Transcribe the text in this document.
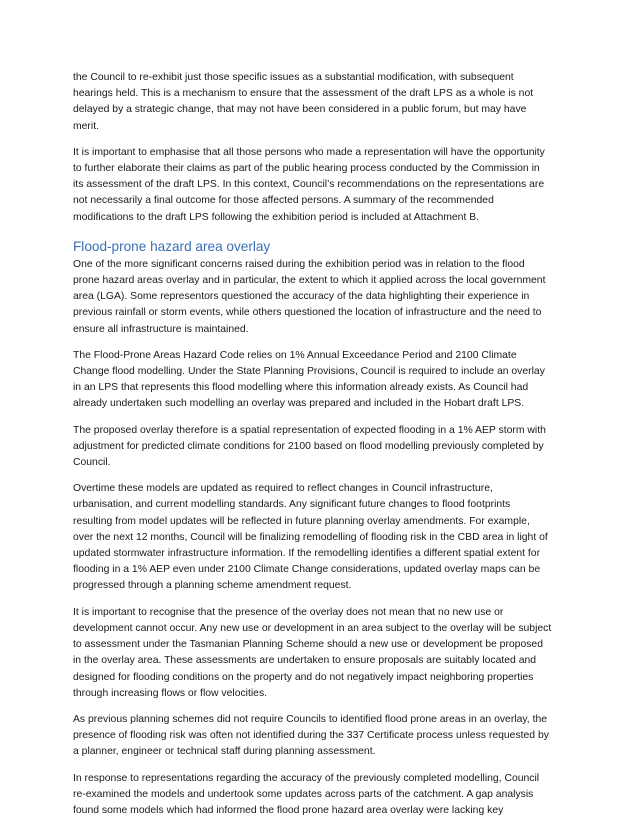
the Council to re-exhibit just those specific issues as a substantial modification, with subsequent hearings held. This is a mechanism to ensure that the assessment of the draft LPS as a whole is not delayed by a strategic change, that may not have been considered in a public forum, but may have merit.

It is important to emphasise that all those persons who made a representation will have the opportunity to further elaborate their claims as part of the public hearing process conducted by the Commission in its assessment of the draft LPS. In this context, Council’s recommendations on the representations are not necessarily a final outcome for those affected persons. A summary of the recommended modifications to the draft LPS following the exhibition period is included at Attachment B.

Flood-prone hazard area overlay

One of the more significant concerns raised during the exhibition period was in relation to the flood prone hazard areas overlay and in particular, the extent to which it applied across the local government area (LGA). Some representors questioned the accuracy of the data highlighting their experience in previous rainfall or storm events, while others questioned the location of infrastructure and the need to ensure all infrastructure is maintained.

The Flood-Prone Areas Hazard Code relies on 1% Annual Exceedance Period and 2100 Climate Change flood modelling. Under the State Planning Provisions, Council is required to include an overlay in an LPS that represents this flood modelling where this information already exists. As Council had already undertaken such modelling an overlay was prepared and included in the Hobart draft LPS.

The proposed overlay therefore is a spatial representation of expected flooding in a 1% AEP storm with adjustment for predicted climate conditions for 2100 based on flood modelling previously completed by Council.

Overtime these models are updated as required to reflect changes in Council infrastructure, urbanisation, and current modelling standards. Any significant future changes to flood footprints resulting from model updates will be reflected in future planning overlay amendments. For example, over the next 12 months, Council will be finalizing remodelling of flooding risk in the CBD area in light of updated stormwater infrastructure information. If the remodelling identifies a different spatial extent for flooding in a 1% AEP even under 2100 Climate Change considerations, updated overlay maps can be progressed through a planning scheme amendment request.

It is important to recognise that the presence of the overlay does not mean that no new use or development cannot occur. Any new use or development in an area subject to the overlay will be subject to assessment under the Tasmanian Planning Scheme should a new use or development be proposed in the overlay area. These assessments are undertaken to ensure proposals are suitably located and designed for flooding conditions on the property and do not negatively impact neighboring properties through increasing flows or flow velocities.

As previous planning schemes did not require Councils to identified flood prone areas in an overlay, the presence of flooding risk was often not identified during the 337 Certificate process unless requested by a planner, engineer or technical staff during planning assessment.

In response to representations regarding the accuracy of the previously completed modelling, Council re-examined the models and undertook some updates across parts of the catchment. A gap analysis found some models which had informed the flood prone hazard area overlay were lacking key
